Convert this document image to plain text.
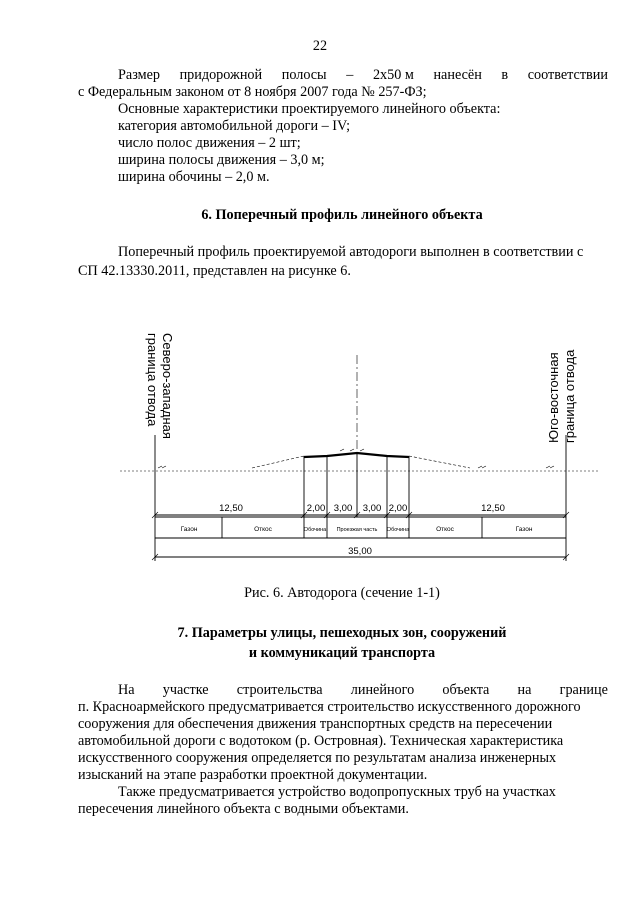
22
Размер придорожной полосы – 2х50 м нанесён в соответствии
с Федеральным законом от 8 ноября 2007 года № 257-ФЗ;
Основные характеристики проектируемого линейного объекта:
категория автомобильной дороги – IV;
число полос движения – 2 шт;
ширина полосы движения – 3,0 м;
ширина обочины – 2,0 м.
6. Поперечный профиль линейного объекта
Поперечный профиль проектируемой автодороги выполнен в соответствии с
СП 42.13330.2011, представлен на рисунке 6.
Северо-западная
граница отвода	Юго-восточная граница отвода
12,50	2,00 3,00 3,00 2,00	12,50
Газон	Откос	Обочина Проезжая часть Обочина	Откос	Газон
35,00
Рис. 6. Автодорога (сечение 1-1)
7. Параметры улицы, пешеходных зон, сооружений
и коммуникаций транспорта
На участке строительства линейного объекта на границе
п. Красноармейского предусматривается строительство искусственного дорожного
сооружения для обеспечения движения транспортных средств на пересечении
автомобильной дороги с водотоком (р. Островная). Техническая характеристика
искусственного сооружения определяется по результатам анализа инженерных
изысканий на этапе разработки проектной документации.
Также предусматривается устройство водопропускных труб на участках
пересечения линейного объекта с водными объектами.
